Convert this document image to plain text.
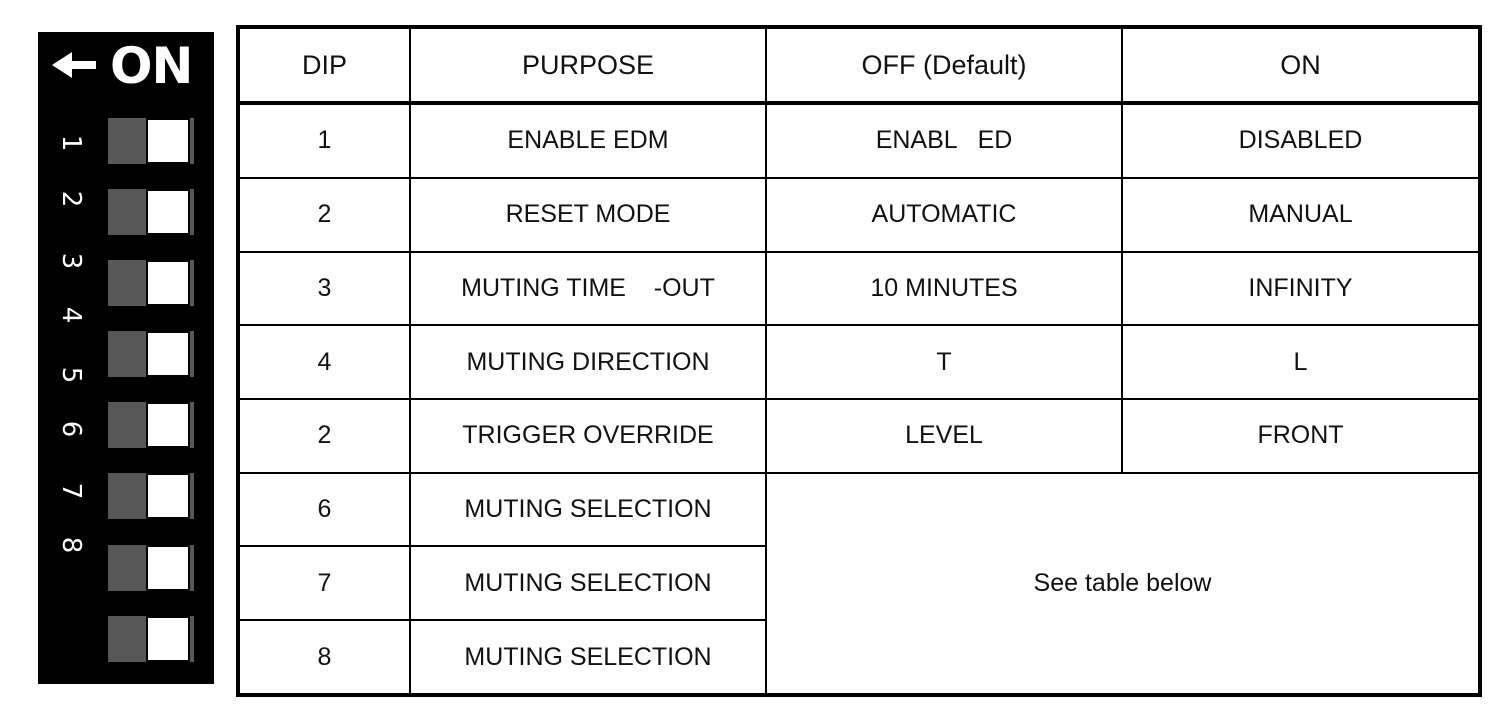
ON
1
2
3
4
5
6
7
8
DIP	PURPOSE	OFF (Default)	ON
1	ENABLE EDM	ENABL   ED	DISABLED
2	RESET MODE	AUTOMATIC	MANUAL
3	MUTING TIME    -OUT	10 MINUTES	INFINITY
4	MUTING DIRECTION	T	L
2	TRIGGER OVERRIDE	LEVEL	FRONT
6	MUTING SELECTION	See table below	
7	MUTING SELECTION		
8	MUTING SELECTION		
